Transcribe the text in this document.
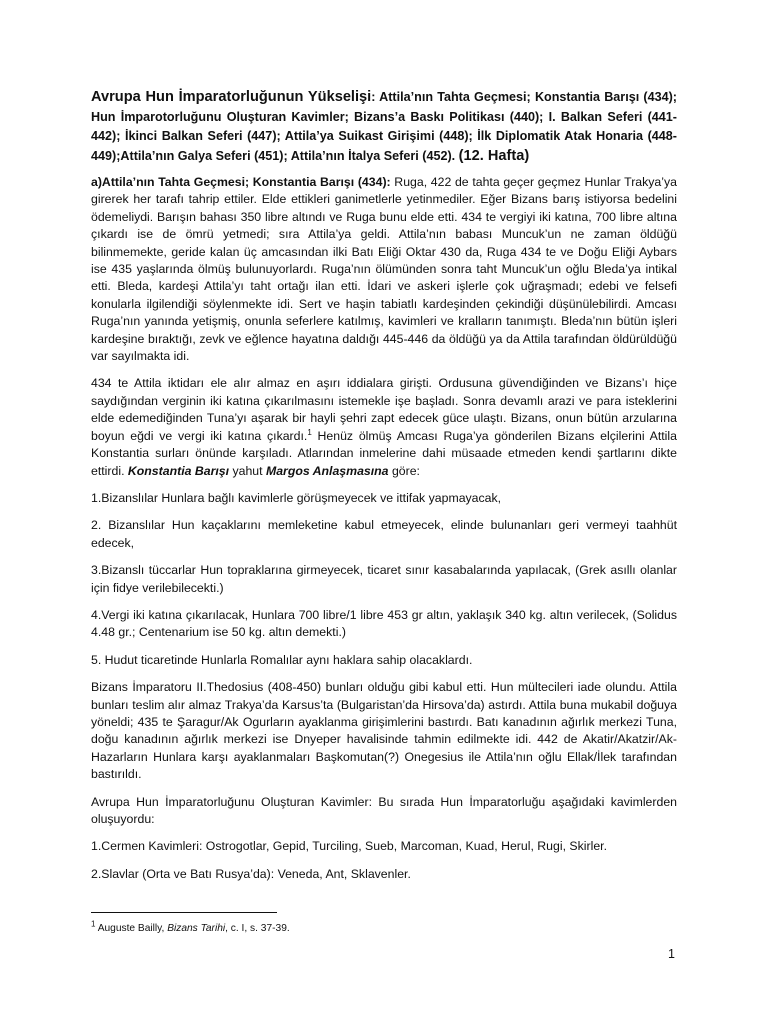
Avrupa Hun İmparatorluğunun Yükselişi: Attila’nın Tahta Geçmesi; Konstantia Barışı (434); Hun İmparotorluğunu Oluşturan Kavimler; Bizans’a Baskı Politikası (440); I. Balkan Seferi (441-442); İkinci Balkan Seferi (447); Attila’ya Suikast Girişimi (448); İlk Diplomatik Atak Honaria (448-449);Attila’nın Galya Seferi (451); Attila’nın İtalya Seferi (452). (12. Hafta)

a)Attila’nın Tahta Geçmesi; Konstantia Barışı (434): Ruga, 422 de tahta geçer geçmez Hunlar Trakya’ya girerek her tarafı tahrip ettiler. Elde ettikleri ganimetlerle yetinmediler. Eğer Bizans barış istiyorsa bedelini ödemeliydi. Barışın bahası 350 libre altındı ve Ruga bunu elde etti. 434 te vergiyi iki katına, 700 libre altına çıkardı ise de ömrü yetmedi; sıra Attila’ya geldi. Attila’nın babası Muncuk’un ne zaman öldüğü bilinmemekte, geride kalan üç amcasından ilki Batı Eliği Oktar 430 da, Ruga 434 te ve Doğu Eliği Aybars ise 435 yaşlarında ölmüş bulunuyorlardı. Ruga’nın ölümünden sonra taht Muncuk’un oğlu Bleda’ya intikal etti. Bleda, kardeşi Attila’yı taht ortağı ilan etti. İdari ve askeri işlerle çok uğraşmadı; edebi ve felsefi konularla ilgilendiği söylenmekte idi. Sert ve haşin tabiatlı kardeşinden çekindiği düşünülebilirdi. Amcası Ruga’nın yanında yetişmiş, onunla seferlere katılmış, kavimleri ve kralların tanımıştı. Bleda’nın bütün işleri kardeşine bıraktığı, zevk ve eğlence hayatına daldığı 445-446 da öldüğü ya da Attila tarafından öldürüldüğü var sayılmakta idi.

434 te Attila iktidarı ele alır almaz en aşırı iddialara girişti. Ordusuna güvendiğinden ve Bizans’ı hiçe saydığından verginin iki katına çıkarılmasını istemekle işe başladı. Sonra devamlı arazi ve para isteklerini elde edemediğinden Tuna’yı aşarak bir hayli şehri zapt edecek güce ulaştı. Bizans, onun bütün arzularına boyun eğdi ve vergi iki katına çıkardı.$^1$ Henüz ölmüş Amcası Ruga’ya gönderilen Bizans elçilerini Attila Konstantia surları önünde karşıladı. Atlarından inmelerine dahi müsaade etmeden kendi şartlarını dikte ettirdi. Konstantia Barışı yahut Margos Anlaşmasına göre:

1.Bizanslılar Hunlara bağlı kavimlerle görüşmeyecek ve ittifak yapmayacak,

2. Bizanslılar Hun kaçaklarını memleketine kabul etmeyecek, elinde bulunanları geri vermeyi taahhüt edecek,

3.Bizanslı tüccarlar Hun topraklarına girmeyecek, ticaret sınır kasabalarında yapılacak, (Grek asıllı olanlar için fidye verilebilecekti.)

4.Vergi iki katına çıkarılacak, Hunlara 700 libre/1 libre 453 gr altın, yaklaşık 340 kg. altın verilecek, (Solidus 4.48 gr.; Centenarium ise 50 kg. altın demekti.)

5. Hudut ticaretinde Hunlarla Romalılar aynı haklara sahip olacaklardı.

Bizans İmparatoru II.Thedosius (408-450) bunları olduğu gibi kabul etti. Hun mültecileri iade olundu. Attila bunları teslim alır almaz Trakya’da Karsus’ta (Bulgaristan’da Hirsova’da) astırdı. Attila buna mukabil doğuya yöneldi; 435 te Şaragur/Ak Ogurların ayaklanma girişimlerini bastırdı. Batı kanadının ağırlık merkezi Tuna, doğu kanadının ağırlık merkezi ise Dnyeper havalisinde tahmin edilmekte idi. 442 de Akatir/Akatzir/Ak-Hazarların Hunlara karşı ayaklanmaları Başkomutan(?) Onegesius ile Attila’nın oğlu Ellak/İlek tarafından bastırıldı.

Avrupa Hun İmparatorluğunu Oluşturan Kavimler: Bu sırada Hun İmparatorluğu aşağıdaki kavimlerden oluşuyordu:

1.Cermen Kavimleri: Ostrogotlar, Gepid, Turciling, Sueb, Marcoman, Kuad, Herul, Rugi, Skirler.

2.Slavlar (Orta ve Batı Rusya’da): Veneda, Ant, Sklavenler.

$^1$ Auguste Bailly, Bizans Tarihi, c. I, s. 37-39.
1
